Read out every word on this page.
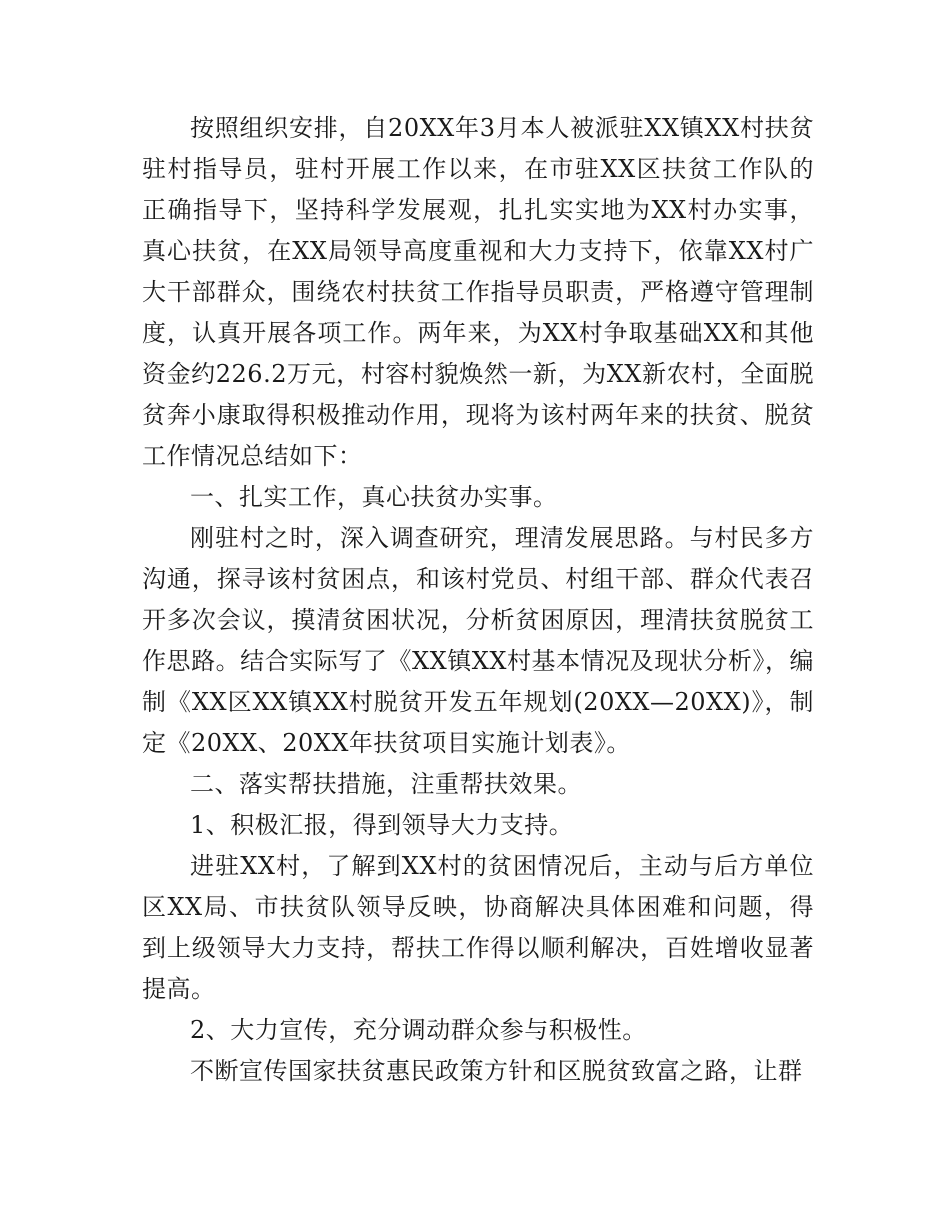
按照组织安排，自20XX年3月本人被派驻XX镇XX村扶贫驻村指导员，驻村开展工作以来，在市驻XX区扶贫工作队的正确指导下，坚持科学发展观，扎扎实实地为XX村办实事，真心扶贫，在XX局领导高度重视和大力支持下，依靠XX村广大干部群众，围绕农村扶贫工作指导员职责，严格遵守管理制度，认真开展各项工作。两年来，为XX村争取基础XX和其他资金约226.2万元，村容村貌焕然一新，为XX新农村，全面脱贫奔小康取得积极推动作用，现将为该村两年来的扶贫、脱贫工作情况总结如下：

一、扎实工作，真心扶贫办实事。

刚驻村之时，深入调查研究，理清发展思路。与村民多方沟通，探寻该村贫困点，和该村党员、村组干部、群众代表召开多次会议，摸清贫困状况，分析贫困原因，理清扶贫脱贫工作思路。结合实际写了《XX镇XX村基本情况及现状分析》，编制《XX区XX镇XX村脱贫开发五年规划(20XX—20XX)》，制定《20XX、20XX年扶贫项目实施计划表》。

二、落实帮扶措施，注重帮扶效果。

1、积极汇报，得到领导大力支持。

进驻XX村，了解到XX村的贫困情况后，主动与后方单位区XX局、市扶贫队领导反映，协商解决具体困难和问题，得到上级领导大力支持，帮扶工作得以顺利解决，百姓增收显著提高。

2、大力宣传，充分调动群众参与积极性。

不断宣传国家扶贫惠民政策方针和区脱贫致富之路，让群
